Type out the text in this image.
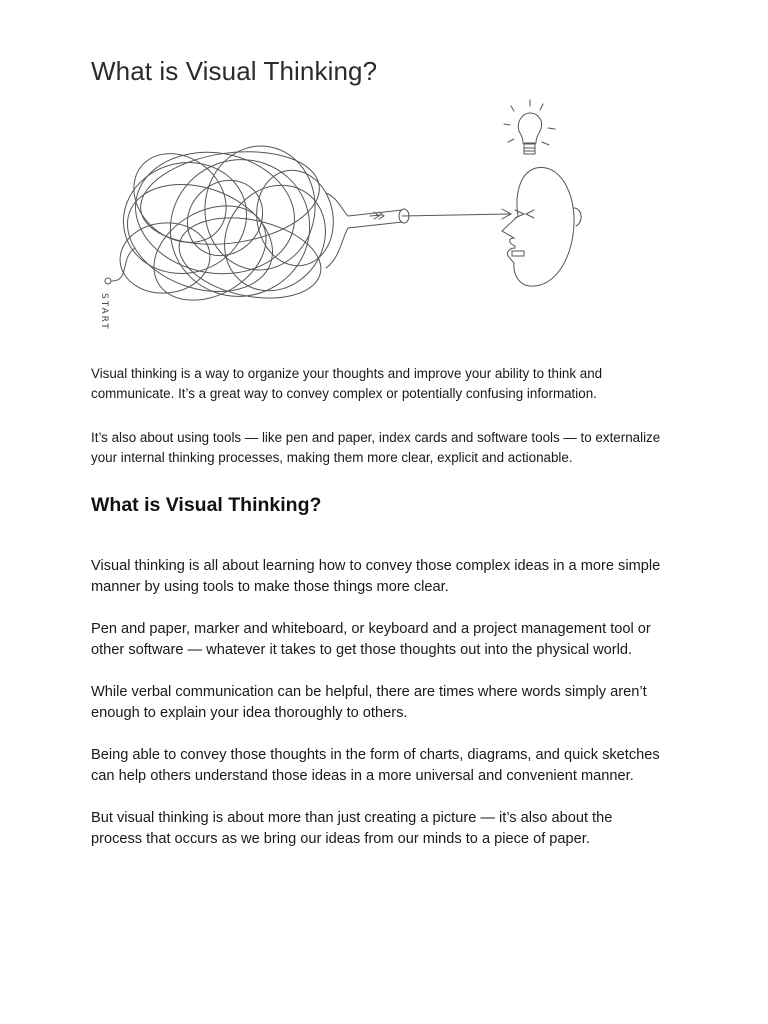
What is Visual Thinking?
START

Visual thinking is a way to organize your thoughts and improve your ability to think and
communicate. It’s a great way to convey complex or potentially confusing information.

It’s also about using tools — like pen and paper, index cards and software tools — to externalize
your internal thinking processes, making them more clear, explicit and actionable.

What is Visual Thinking?

Visual thinking is all about learning how to convey those complex ideas in a more simple
manner by using tools to make those things more clear.

Pen and paper, marker and whiteboard, or keyboard and a project management tool or
other software — whatever it takes to get those thoughts out into the physical world.

While verbal communication can be helpful, there are times where words simply aren’t
enough to explain your idea thoroughly to others.

Being able to convey those thoughts in the form of charts, diagrams, and quick sketches
can help others understand those ideas in a more universal and convenient manner.

But visual thinking is about more than just creating a picture — it’s also about the
process that occurs as we bring our ideas from our minds to a piece of paper.
